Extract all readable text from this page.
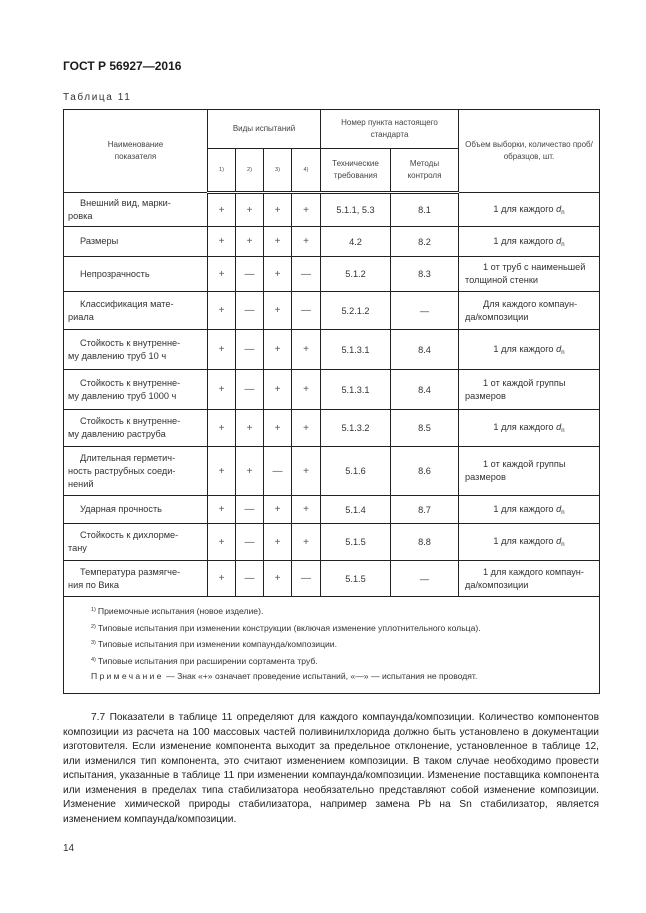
ГОСТ Р 56927—2016
Таблица 11
Наименование показателя	Виды испытаний				Номер пункта настоящего стандарта		Объем выборки, количество проб/образцов, шт.
	1)	2)	3)	4)	Технические требования	Методы контроля	
Внешний вид, марки-
ровка	+	+	+	+	5.1.1, 5.3	8.1	1 для каждого $d_n$
Размеры	+	+	+	+	4.2	8.2	1 для каждого $d_n$
Непрозрачность	+	—	+	—	5.1.2	8.3	1 от труб с наименьшей
толщиной стенки
Классификация мате-
риала	+	—	+	—	5.2.1.2	—	Для каждого компаун-
да/композиции
Стойкость к внутренне-
му давлению труб 10 ч	+	—	+	+	5.1.3.1	8.4	1 для каждого $d_n$
Стойкость к внутренне-
му давлению труб 1000 ч	+	—	+	+	5.1.3.1	8.4	1 от каждой группы
размеров
Стойкость к внутренне-
му давлению раструба	+	+	+	+	5.1.3.2	8.5	1 для каждого $d_n$
Длительная герметич-
ность раструбных соеди- нений	+	+	—	+	5.1.6	8.6	1 от каждой группы
размеров
Ударная прочность	+	—	+	+	5.1.4	8.7	1 для каждого $d_n$
Стойкость к дихлорме-
тану	+	—	+	+	5.1.5	8.8	1 для каждого $d_n$
Температура размягче-
ния по Вика	+	—	+	—	5.1.5	—	1 для каждого компаун-
да/композиции

$^{1)}$ Приемочные испытания (новое изделие).
$^{2)}$ Типовые испытания при изменении конструкции (включая изменение уплотнительного кольца).
$^{3)}$ Типовые испытания при изменении компаунда/композиции.
$^{4)}$ Типовые испытания при расширении сортамента труб.
Примечание — Знак «+» означает проведение испытаний, «—» — испытания не проводят.							

7.7 Показатели в таблице 11 определяют для каждого компаунда/композиции. Количество компонентов композиции из расчета на 100 массовых частей поливинилхлорида должно быть установлено в документации изготовителя. Если изменение компонента выходит за предельное отклонение, установленное в таблице 12, или изменился тип компонента, это считают изменением композиции. В таком случае необходимо провести испытания, указанные в таблице 11 при изменении компаунда/композиции. Изменение поставщика компонента или изменения в пределах типа стабилизатора необязательно представляют собой изменение композиции. Изменение химической природы стабилизатора, например замена Pb на Sn стабилизатор, является изменением компаунда/композиции.

14
